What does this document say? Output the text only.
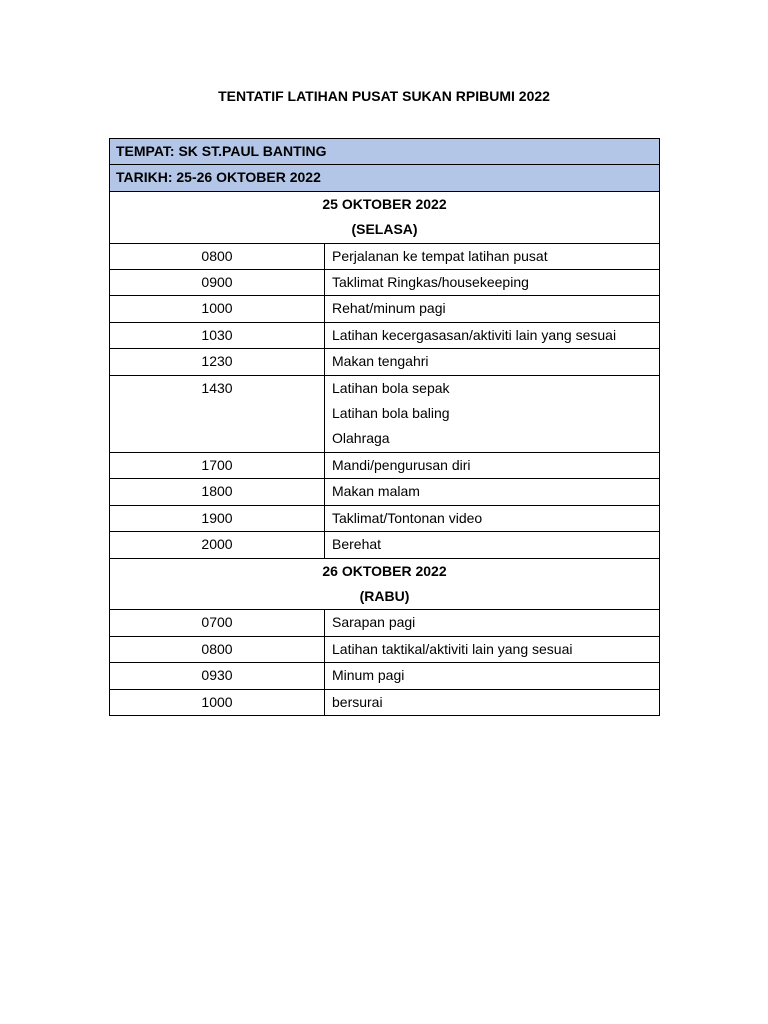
TENTATIF LATIHAN PUSAT SUKAN RPIBUMI 2022
TEMPAT: SK ST.PAUL BANTING	
TARIKH: 25-26 OKTOBER 2022	

25 OKTOBER 2022
(SELASA)	

0800	Perjalanan ke tempat latihan pusat

0900	Taklimat Ringkas/housekeeping

1000	Rehat/minum pagi

1030	Latihan kecergasasan/aktiviti lain yang sesuai

1230	Makan tengahri

1430	Latihan bola sepak
Latihan bola baling
Olahraga

1700	Mandi/pengurusan diri

1800	Makan malam

1900	Taklimat/Tontonan video

2000	Berehat

26 OKTOBER 2022
(RABU)	

0700	Sarapan pagi

0800	Latihan taktikal/aktiviti lain yang sesuai

0930	Minum pagi

1000	bersurai
